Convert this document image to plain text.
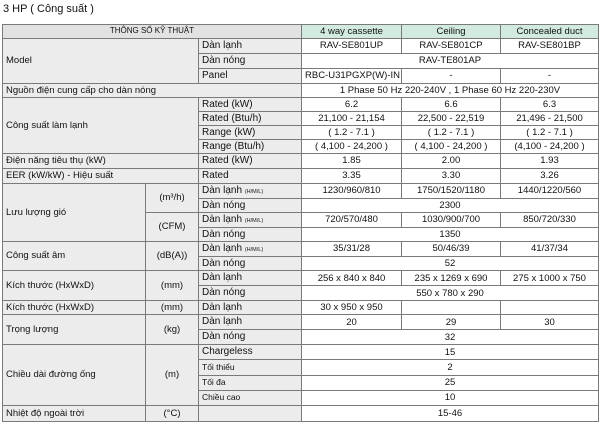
3 HP ( Công suất )
THÔNG SỐ KỸ THUẬT			4 way cassette	Ceiling	Concealed duct
Model		Dàn lạnh	RAV-SE801UP	RAV-SE801CP	RAV-SE801BP
		Dàn nóng	RAV-TE801AP		
		Panel	RBC-U31PGXP(W)-IN	-	-
Nguồn điện cung cấp cho dàn nóng			1 Phase 50 Hz 220-240V , 1 Phase 60 Hz 220-230V		
Công suất làm lạnh		Rated (kW)	6.2	6.6	6.3
		Rated (Btu/h)	21,100 - 21,154	22,500 - 22,519	21,496 - 21,500
		Range (kW)	( 1.2 - 7.1 )	( 1.2 - 7.1 )	( 1.2 - 7.1 )
		Range (Btu/h)	( 4,100 - 24,200 )	( 4,100 - 24,200 )	(4,100 - 24,200 )
Điện năng tiêu thụ (kW)		Rated (kW)	1.85	2.00	1.93
EER (kW/kW) - Hiệu suất		Rated	3.35	3.30	3.26
Lưu lượng gió	(m³/h)	Dàn lạnh (H/M/L)	1230/960/810	1750/1520/1180	1440/1220/560
		Dàn nóng	2300		
	(CFM)	Dàn lạnh (H/M/L)	720/570/480	1030/900/700	850/720/330
		Dàn nóng	1350		
Công suất âm	(dB(A))	Dàn lạnh (H/M/L)	35/31/28	50/46/39	41/37/34
		Dàn nóng	52		
Kích thước (HxWxD)	(mm)	Dàn lạnh	256 x 840 x 840	235 x 1269 x 690	275 x 1000 x 750
		Dàn nóng	550 x 780 x 290		
Kích thước (HxWxD)	(mm)	Dàn lạnh	30 x 950 x 950		
Trọng lượng	(kg)	Dàn lạnh	20	29	30
		Dàn nóng	32		
Chiều dài đường ống	(m)	Chargeless	15		
		Tối thiểu	2		
		Tối đa	25		
		Chiều cao	10		
Nhiệt độ ngoài trời	(°C)		15-46		
